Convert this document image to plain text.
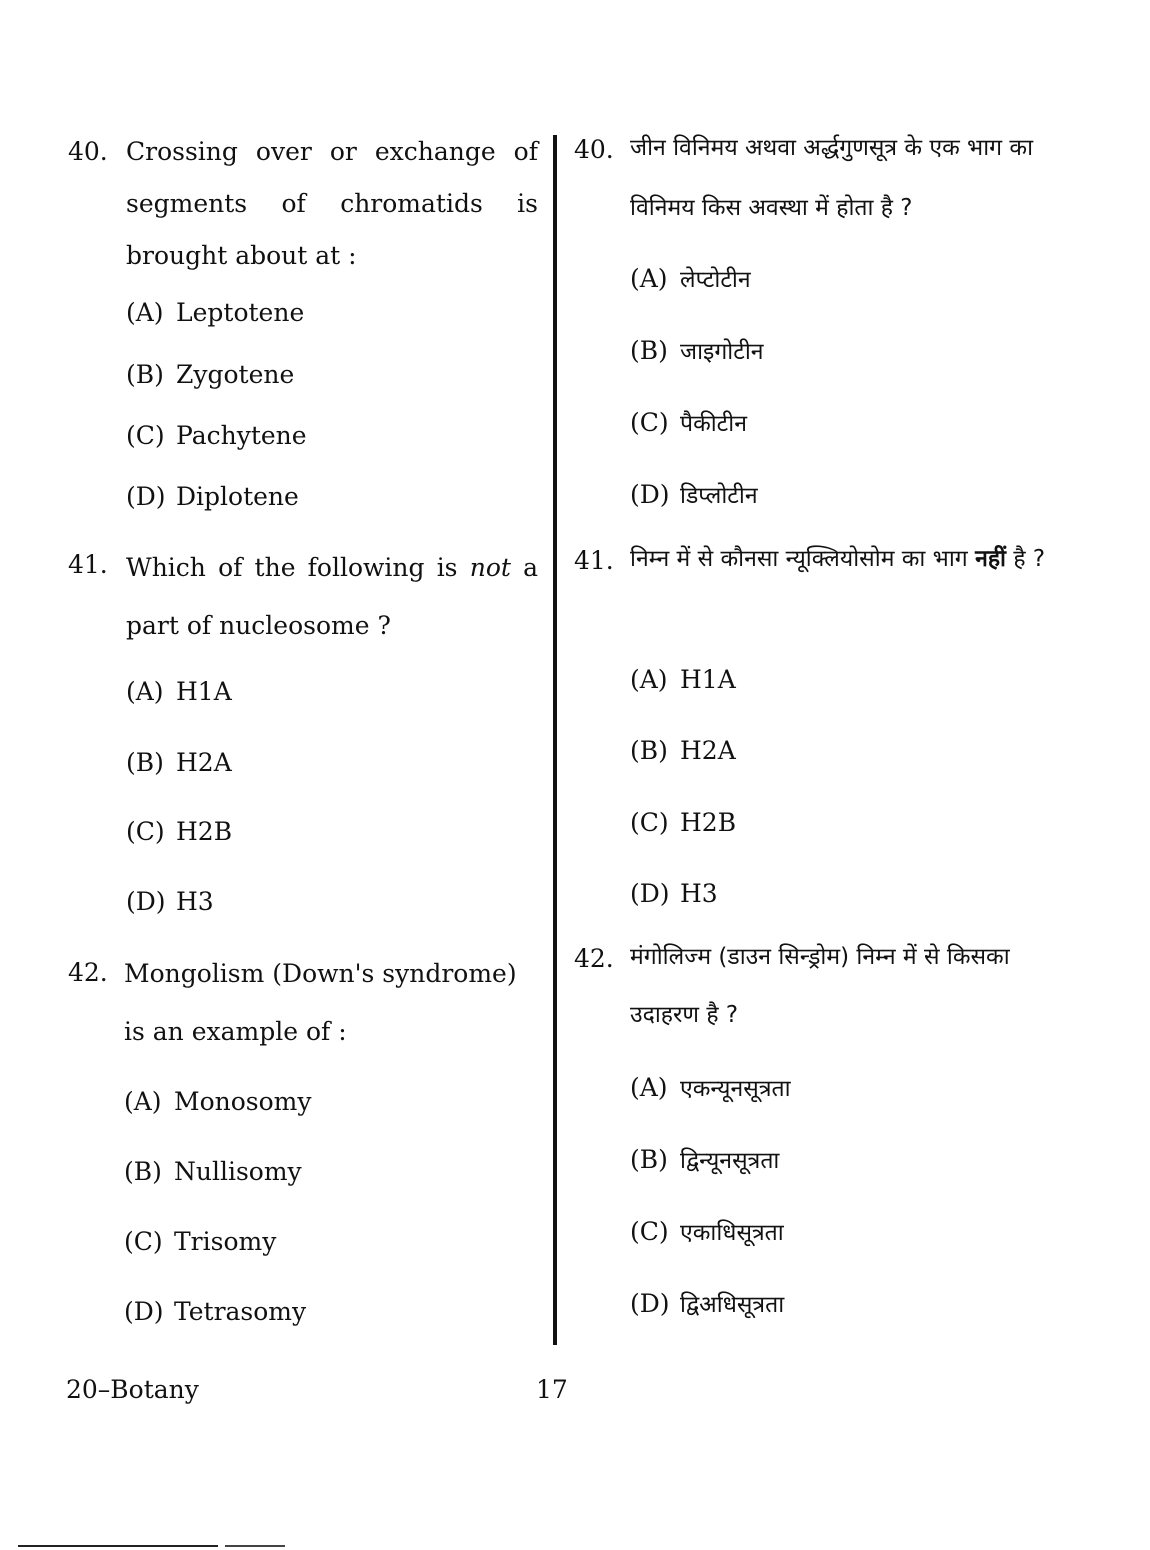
40. Crossing over or exchange of segments of chromatids is brought about at :
(A) Leptotene
(B) Zygotene
(C) Pachytene
(D) Diplotene
41. Which of the following is not a part of nucleosome ?
(A) H1A
(B) H2A
(C) H2B
(D) H3
42. Mongolism (Down's syndrome) is an example of :
(A) Monosomy
(B) Nullisomy
(C) Trisomy
(D) Tetrasomy
40. जीन विनिमय अथवा अर्द्धगुणसूत्र के एक भाग का विनिमय किस अवस्था में होता है ?
(A) लेप्टोटीन
(B) जाइगोटीन
(C) पैकीटीन
(D) डिप्लोटीन
41. निम्न में से कौनसा न्यूक्लियोसोम का भाग नहीं है ?
(A) H1A
(B) H2A
(C) H2B
(D) H3
42. मंगोलिज्म (डाउन सिन्ड्रोम) निम्न में से किसका उदाहरण है ?
(A) एकन्यूनसूत्रता
(B) द्विन्यूनसूत्रता
(C) एकाधिसूत्रता
(D) द्विअधिसूत्रता
20–Botany	17
